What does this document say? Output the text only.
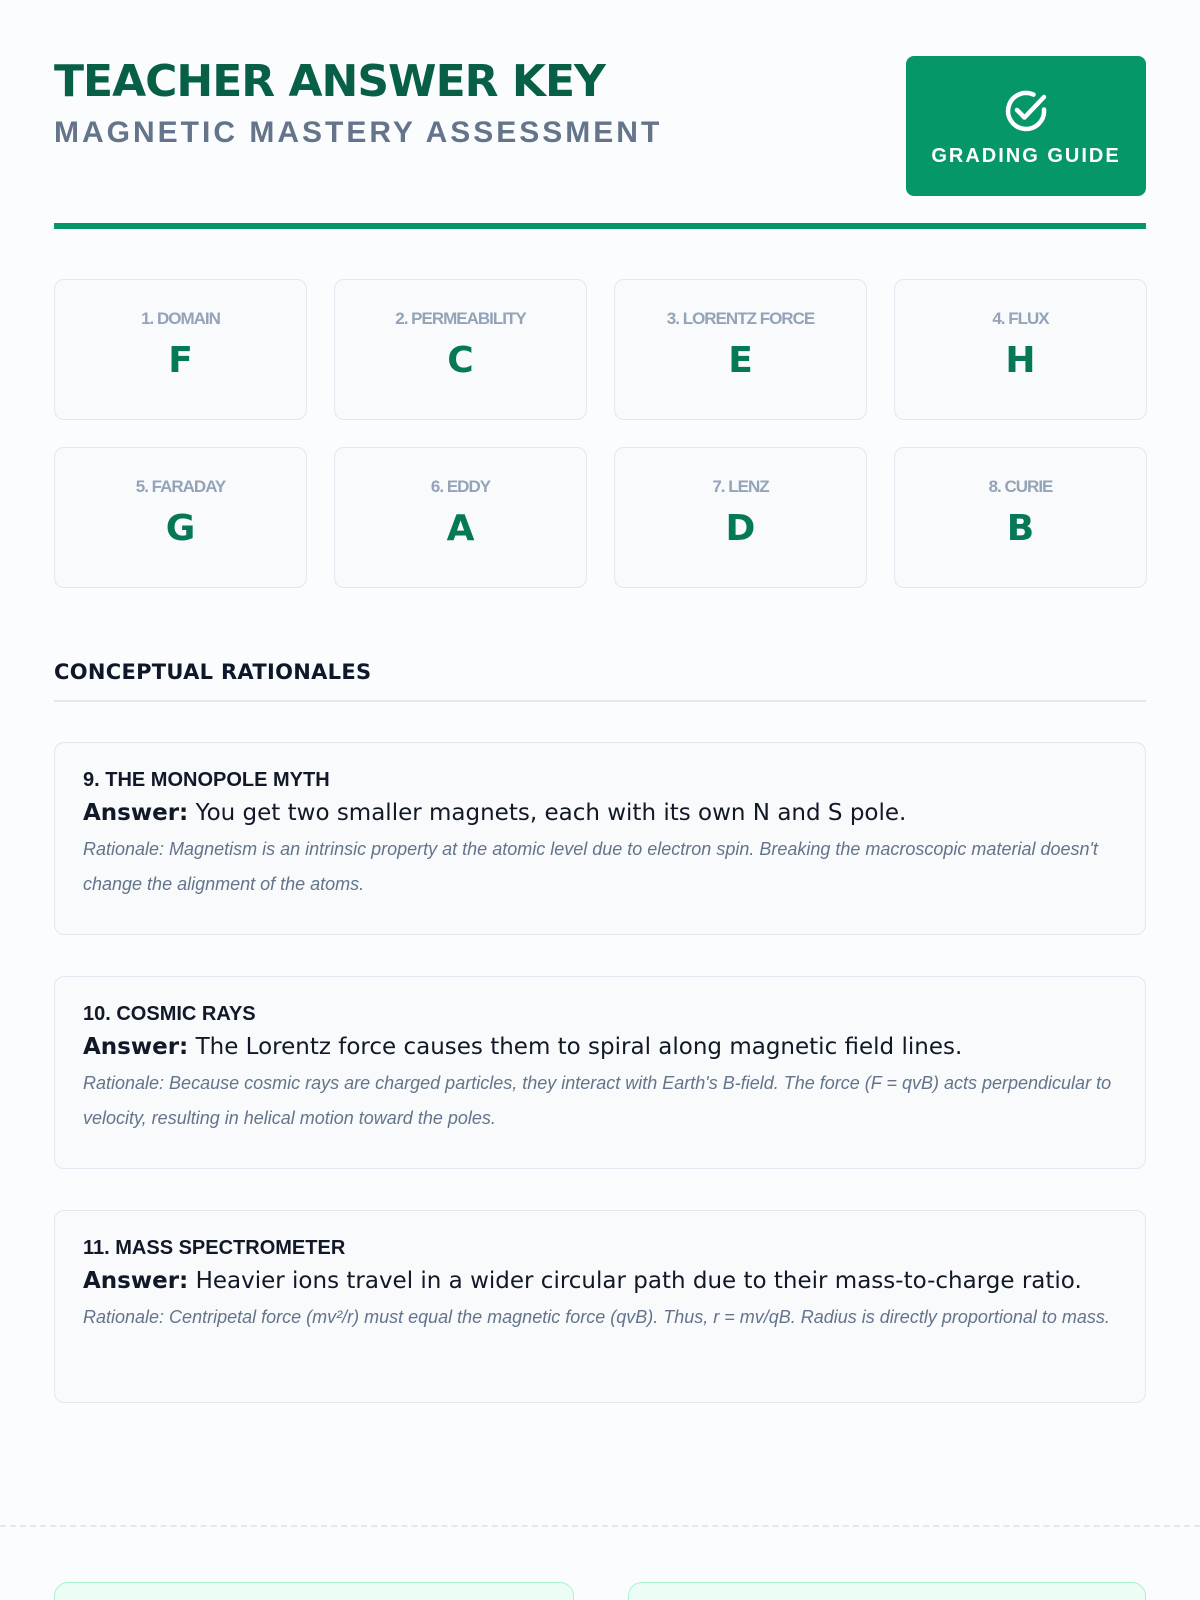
TEACHER ANSWER KEY
MAGNETIC MASTERY ASSESSMENT
GRADING GUIDE
1. DOMAIN
F
2. PERMEABILITY
C
3. LORENTZ FORCE
E
4. FLUX
H
5. FARADAY
G
6. EDDY
A
7. LENZ
D
8. CURIE
B
CONCEPTUAL RATIONALES
9. THE MONOPOLE MYTH
Answer: You get two smaller magnets, each with its own N and S pole.
Rationale: Magnetism is an intrinsic property at the atomic level due to electron spin. Breaking the macroscopic material doesn't change the alignment of the atoms.
10. COSMIC RAYS
Answer: The Lorentz force causes them to spiral along magnetic field lines.
Rationale: Because cosmic rays are charged particles, they interact with Earth's B-field. The force (F = qvB) acts perpendicular to velocity, resulting in helical motion toward the poles.
11. MASS SPECTROMETER
Answer: Heavier ions travel in a wider circular path due to their mass-to-charge ratio.
Rationale: Centripetal force (mv²/r) must equal the magnetic force (qvB). Thus, r = mv/qB. Radius is directly proportional to mass.
